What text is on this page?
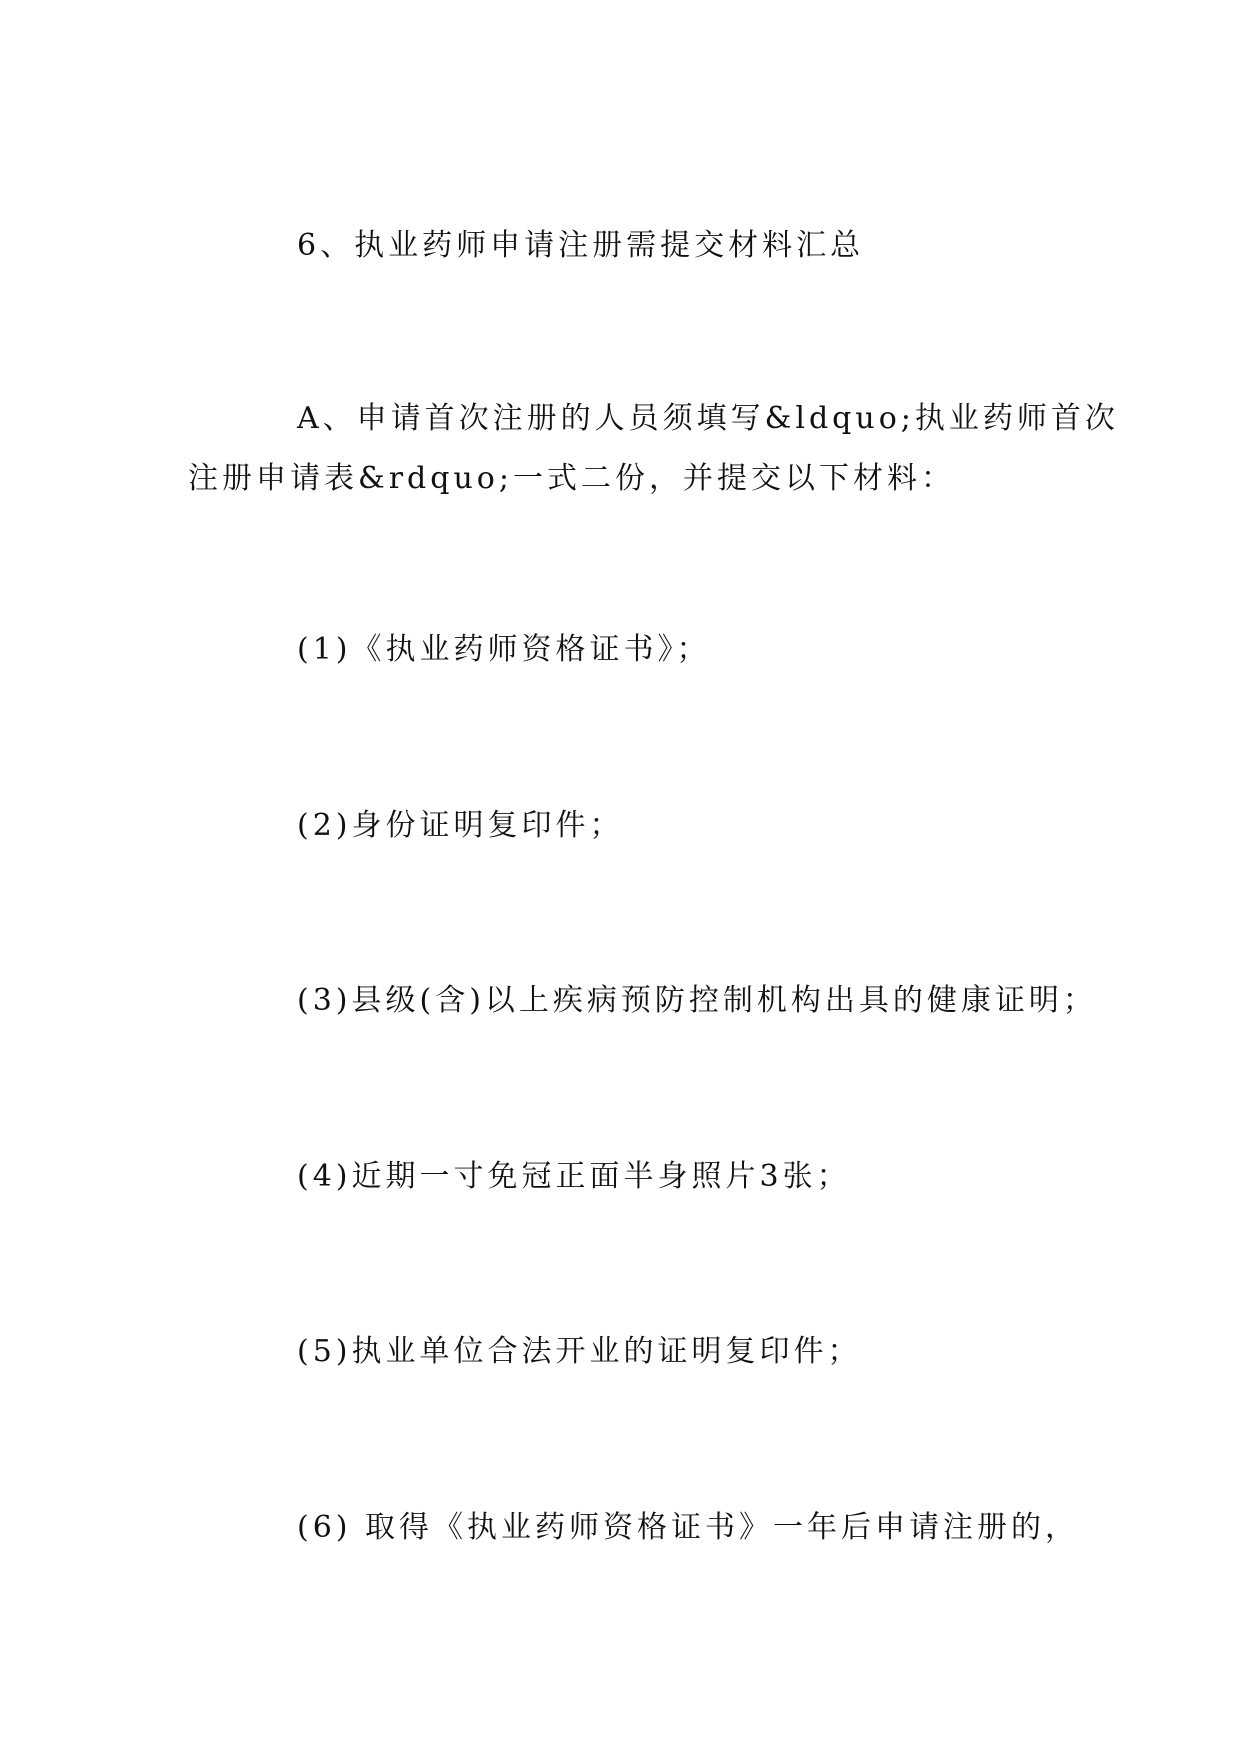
6、执业药师申请注册需提交材料汇总

A、申请首次注册的人员须填写&ldquo;执业药师首次

注册申请表&rdquo;一式二份，并提交以下材料：

(1)《执业药师资格证书》；

(2)身份证明复印件；

(3)县级(含)以上疾病预防控制机构出具的健康证明；

(4)近期一寸免冠正面半身照片3张；

(5)执业单位合法开业的证明复印件；

(6) 取得《执业药师资格证书》一年后申请注册的，
